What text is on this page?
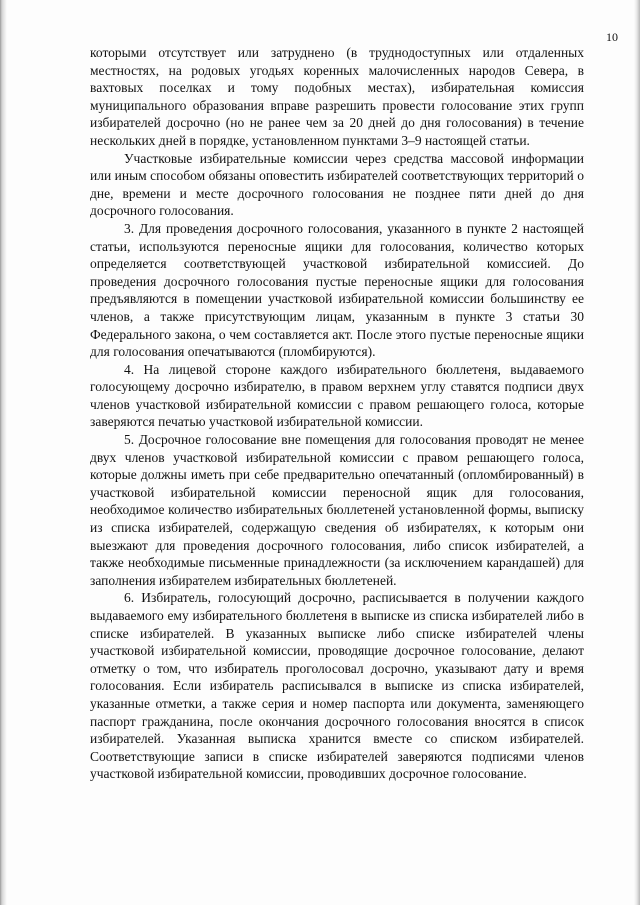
10

которыми отсутствует или затруднено (в труднодоступных или отдаленных местностях, на родовых угодьях коренных малочисленных народов Севера, в вахтовых поселках и тому подобных местах), избирательная комиссия муниципального образования вправе разрешить провести голосование этих групп избирателей досрочно (но не ранее чем за 20 дней до дня голосования) в течение нескольких дней в порядке, установленном пунктами 3–9 настоящей статьи.

Участковые избирательные комиссии через средства массовой информации или иным способом обязаны оповестить избирателей соответствующих территорий о дне, времени и месте досрочного голосования не позднее пяти дней до дня досрочного голосования.

3. Для проведения досрочного голосования, указанного в пункте 2 настоящей статьи, используются переносные ящики для голосования, количество которых определяется соответствующей участковой избирательной комиссией. До проведения досрочного голосования пустые переносные ящики для голосования предъявляются в помещении участковой избирательной комиссии большинству ее членов, а также присутствующим лицам, указанным в пункте 3 статьи 30 Федерального закона, о чем составляется акт. После этого пустые переносные ящики для голосования опечатываются (пломбируются).

4. На лицевой стороне каждого избирательного бюллетеня, выдаваемого голосующему досрочно избирателю, в правом верхнем углу ставятся подписи двух членов участковой избирательной комиссии с правом решающего голоса, которые заверяются печатью участковой избирательной комиссии.

5. Досрочное голосование вне помещения для голосования проводят не менее двух членов участковой избирательной комиссии с правом решающего голоса, которые должны иметь при себе предварительно опечатанный (опломбированный) в участковой избирательной комиссии переносной ящик для голосования, необходимое количество избирательных бюллетеней установленной формы, выписку из списка избирателей, содержащую сведения об избирателях, к которым они выезжают для проведения досрочного голосования, либо список избирателей, а также необходимые письменные принадлежности (за исключением карандашей) для заполнения избирателем избирательных бюллетеней.

6. Избиратель, голосующий досрочно, расписывается в получении каждого выдаваемого ему избирательного бюллетеня в выписке из списка избирателей либо в списке избирателей. В указанных выписке либо списке избирателей члены участковой избирательной комиссии, проводящие досрочное голосование, делают отметку о том, что избиратель проголосовал досрочно, указывают дату и время голосования. Если избиратель расписывался в выписке из списка избирателей, указанные отметки, а также серия и номер паспорта или документа, заменяющего паспорт гражданина, после окончания досрочного голосования вносятся в список избирателей. Указанная выписка хранится вместе со списком избирателей. Соответствующие записи в списке избирателей заверяются подписями членов участковой избирательной комиссии, проводивших досрочное голосование.
